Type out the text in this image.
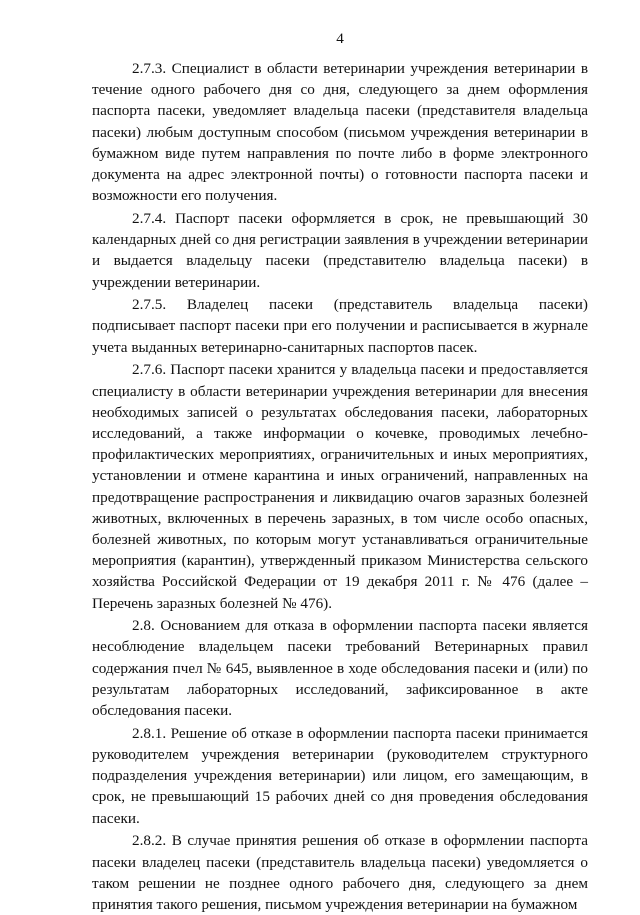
4

2.7.3. Специалист в области ветеринарии учреждения ветеринарии в течение одного рабочего дня со дня, следующего за днем оформления паспорта пасеки, уведомляет владельца пасеки (представителя владельца пасеки) любым доступным способом (письмом учреждения ветеринарии в бумажном виде путем направления по почте либо в форме электронного документа на адрес электронной почты) о готовности паспорта пасеки и возможности его получения.

2.7.4. Паспорт пасеки оформляется в срок, не превышающий 30 календарных дней со дня регистрации заявления в учреждении ветеринарии и выдается владельцу пасеки (представителю владельца пасеки) в учреждении ветеринарии.

2.7.5. Владелец пасеки (представитель владельца пасеки) подписывает паспорт пасеки при его получении и расписывается в журнале учета выданных ветеринарно-санитарных паспортов пасек.

2.7.6. Паспорт пасеки хранится у владельца пасеки и предоставляется специалисту в области ветеринарии учреждения ветеринарии для внесения необходимых записей о результатах обследования пасеки, лабораторных исследований, а также информации о кочевке, проводимых лечебно-профилактических мероприятиях, ограничительных и иных мероприятиях, установлении и отмене карантина и иных ограничений, направленных на предотвращение распространения и ликвидацию очагов заразных болезней животных, включенных в перечень заразных, в том числе особо опасных, болезней животных, по которым могут устанавливаться ограничительные мероприятия (карантин), утвержденный приказом Министерства сельского хозяйства Российской Федерации от 19 декабря 2011 г. № 476 (далее – Перечень заразных болезней № 476).

2.8. Основанием для отказа в оформлении паспорта пасеки является несоблюдение владельцем пасеки требований Ветеринарных правил содержания пчел № 645, выявленное в ходе обследования пасеки и (или) по результатам лабораторных исследований, зафиксированное в акте обследования пасеки.

2.8.1. Решение об отказе в оформлении паспорта пасеки принимается руководителем учреждения ветеринарии (руководителем структурного подразделения учреждения ветеринарии) или лицом, его замещающим, в срок, не превышающий 15 рабочих дней со дня проведения обследования пасеки.

2.8.2. В случае принятия решения об отказе в оформлении паспорта пасеки владелец пасеки (представитель владельца пасеки) уведомляется о таком решении не позднее одного рабочего дня, следующего за днем принятия такого решения, письмом учреждения ветеринарии на бумажном
